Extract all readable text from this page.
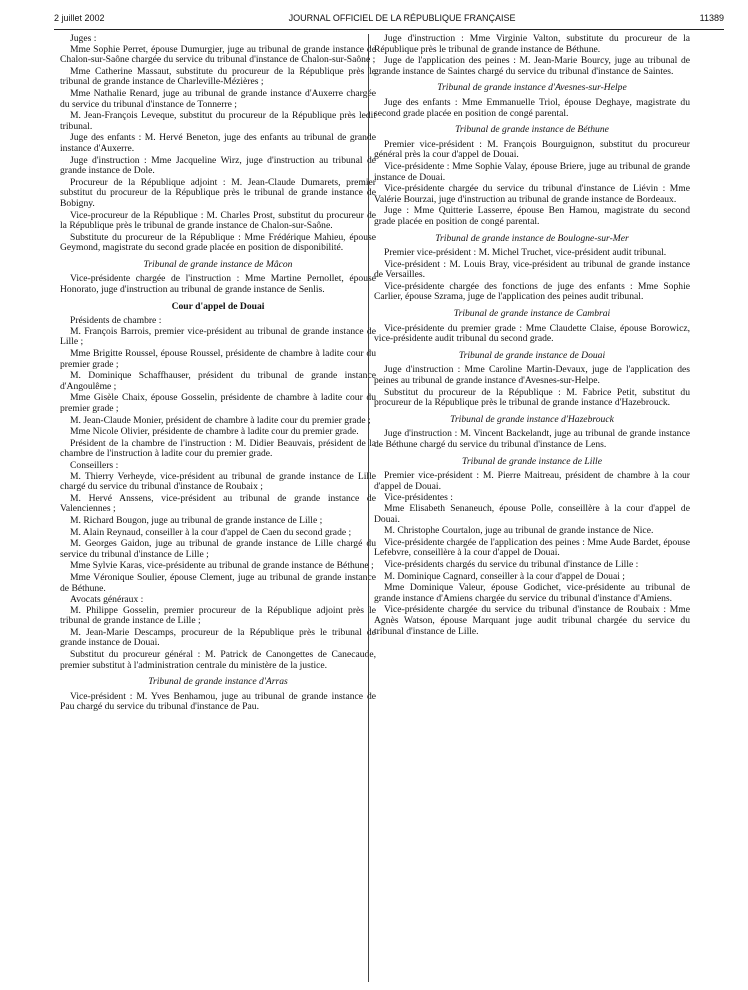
2 juillet 2002	JOURNAL OFFICIEL DE LA RÉPUBLIQUE FRANÇAISE	11389

Juges :

Mme Sophie Perret, épouse Dumurgier, juge au tribunal de grande instance de Chalon-sur-Saône chargée du service du tribunal d'instance de Chalon-sur-Saône ;

Mme Catherine Massaut, substitute du procureur de la République près le tribunal de grande instance de Charleville-Mézières ;

Mme Nathalie Renard, juge au tribunal de grande instance d'Auxerre chargée du service du tribunal d'instance de Tonnerre ;

M. Jean-François Leveque, substitut du procureur de la République près ledit tribunal.

Juge des enfants : M. Hervé Beneton, juge des enfants au tribunal de grande instance d'Auxerre.

Juge d'instruction : Mme Jacqueline Wirz, juge d'instruction au tribunal de grande instance de Dole.

Procureur de la République adjoint : M. Jean-Claude Dumarets, premier substitut du procureur de la République près le tribunal de grande instance de Bobigny.

Vice-procureur de la République : M. Charles Prost, substitut du procureur de la République près le tribunal de grande instance de Chalon-sur-Saône.

Substitute du procureur de la République : Mme Frédérique Mahieu, épouse Geymond, magistrate du second grade placée en position de disponibilité.

Tribunal de grande instance de Mâcon

Vice-présidente chargée de l'instruction : Mme Martine Pernollet, épouse Honorato, juge d'instruction au tribunal de grande instance de Senlis.

Cour d'appel de Douai

Présidents de chambre :

M. François Barrois, premier vice-président au tribunal de grande instance de Lille ;

Mme Brigitte Roussel, épouse Roussel, présidente de chambre à ladite cour du premier grade ;

M. Dominique Schaffhauser, président du tribunal de grande instance d'Angoulême ;

Mme Gisèle Chaix, épouse Gosselin, présidente de chambre à ladite cour du premier grade ;

M. Jean-Claude Monier, président de chambre à ladite cour du premier grade ;

Mme Nicole Olivier, présidente de chambre à ladite cour du premier grade.

Président de la chambre de l'instruction : M. Didier Beauvais, président de la chambre de l'instruction à ladite cour du premier grade.

Conseillers :

M. Thierry Verheyde, vice-président au tribunal de grande instance de Lille chargé du service du tribunal d'instance de Roubaix ;

M. Hervé Anssens, vice-président au tribunal de grande instance de Valenciennes ;

M. Richard Bougon, juge au tribunal de grande instance de Lille ;

M. Alain Reynaud, conseiller à la cour d'appel de Caen du second grade ;

M. Georges Gaidon, juge au tribunal de grande instance de Lille chargé du service du tribunal d'instance de Lille ;

Mme Sylvie Karas, vice-présidente au tribunal de grande instance de Béthune ;

Mme Véronique Soulier, épouse Clement, juge au tribunal de grande instance de Béthune.

Avocats généraux :

M. Philippe Gosselin, premier procureur de la République adjoint près le tribunal de grande instance de Lille ;

M. Jean-Marie Descamps, procureur de la République près le tribunal de grande instance de Douai.

Substitut du procureur général : M. Patrick de Canongettes de Canecaude, premier substitut à l'administration centrale du ministère de la justice.

Tribunal de grande instance d'Arras

Vice-président : M. Yves Benhamou, juge au tribunal de grande instance de Pau chargé du service du tribunal d'instance de Pau.

Juge d'instruction : Mme Virginie Valton, substitute du procureur de la République près le tribunal de grande instance de Béthune.

Juge de l'application des peines : M. Jean-Marie Bourcy, juge au tribunal de grande instance de Saintes chargé du service du tribunal d'instance de Saintes.

Tribunal de grande instance d'Avesnes-sur-Helpe

Juge des enfants : Mme Emmanuelle Triol, épouse Deghaye, magistrate du second grade placée en position de congé parental.

Tribunal de grande instance de Béthune

Premier vice-président : M. François Bourguignon, substitut du procureur général près la cour d'appel de Douai.

Vice-présidente : Mme Sophie Valay, épouse Briere, juge au tribunal de grande instance de Douai.

Vice-présidente chargée du service du tribunal d'instance de Liévin : Mme Valérie Bourzai, juge d'instruction au tribunal de grande instance de Bordeaux.

Juge : Mme Quitterie Lasserre, épouse Ben Hamou, magistrate du second grade placée en position de congé parental.

Tribunal de grande instance de Boulogne-sur-Mer

Premier vice-président : M. Michel Truchet, vice-président audit tribunal.

Vice-président : M. Louis Bray, vice-président au tribunal de grande instance de Versailles.

Vice-présidente chargée des fonctions de juge des enfants : Mme Sophie Carlier, épouse Szrama, juge de l'application des peines audit tribunal.

Tribunal de grande instance de Cambrai

Vice-présidente du premier grade : Mme Claudette Claise, épouse Borowicz, vice-présidente audit tribunal du second grade.

Tribunal de grande instance de Douai

Juge d'instruction : Mme Caroline Martin-Devaux, juge de l'application des peines au tribunal de grande instance d'Avesnes-sur-Helpe.

Substitut du procureur de la République : M. Fabrice Petit, substitut du procureur de la République près le tribunal de grande instance d'Hazebrouck.

Tribunal de grande instance d'Hazebrouck

Juge d'instruction : M. Vincent Backelandt, juge au tribunal de grande instance de Béthune chargé du service du tribunal d'instance de Lens.

Tribunal de grande instance de Lille

Premier vice-président : M. Pierre Maitreau, président de chambre à la cour d'appel de Douai.

Vice-présidentes :

Mme Elisabeth Senaneuch, épouse Polle, conseillère à la cour d'appel de Douai.

M. Christophe Courtalon, juge au tribunal de grande instance de Nice.

Vice-présidente chargée de l'application des peines : Mme Aude Bardet, épouse Lefebvre, conseillère à la cour d'appel de Douai.

Vice-présidents chargés du service du tribunal d'instance de Lille :

M. Dominique Cagnard, conseiller à la cour d'appel de Douai ;

Mme Dominique Valeur, épouse Godichet, vice-présidente au tribunal de grande instance d'Amiens chargée du service du tribunal d'instance d'Amiens.

Vice-présidente chargée du service du tribunal d'instance de Roubaix : Mme Agnès Watson, épouse Marquant juge audit tribunal chargée du service du tribunal d'instance de Lille.
